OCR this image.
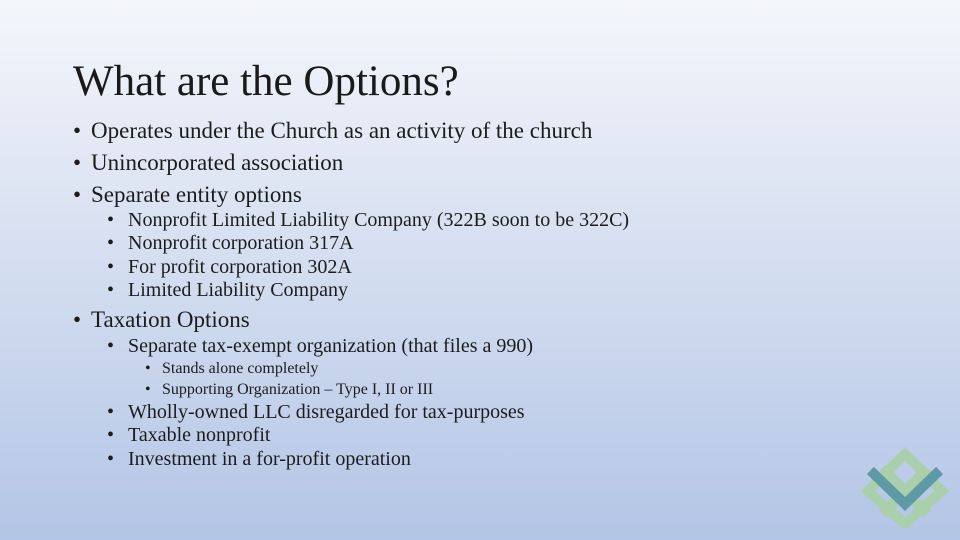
What are the Options?
• Operates under the Church as an activity of the church
• Unincorporated association
• Separate entity options
• Nonprofit Limited Liability Company (322B soon to be 322C)
• Nonprofit corporation 317A
• For profit corporation 302A
• Limited Liability Company
• Taxation Options
• Separate tax-exempt organization (that files a 990)
• Stands alone completely
• Supporting Organization – Type I, II or III
• Wholly-owned LLC disregarded for tax-purposes
• Taxable nonprofit
• Investment in a for-profit operation
